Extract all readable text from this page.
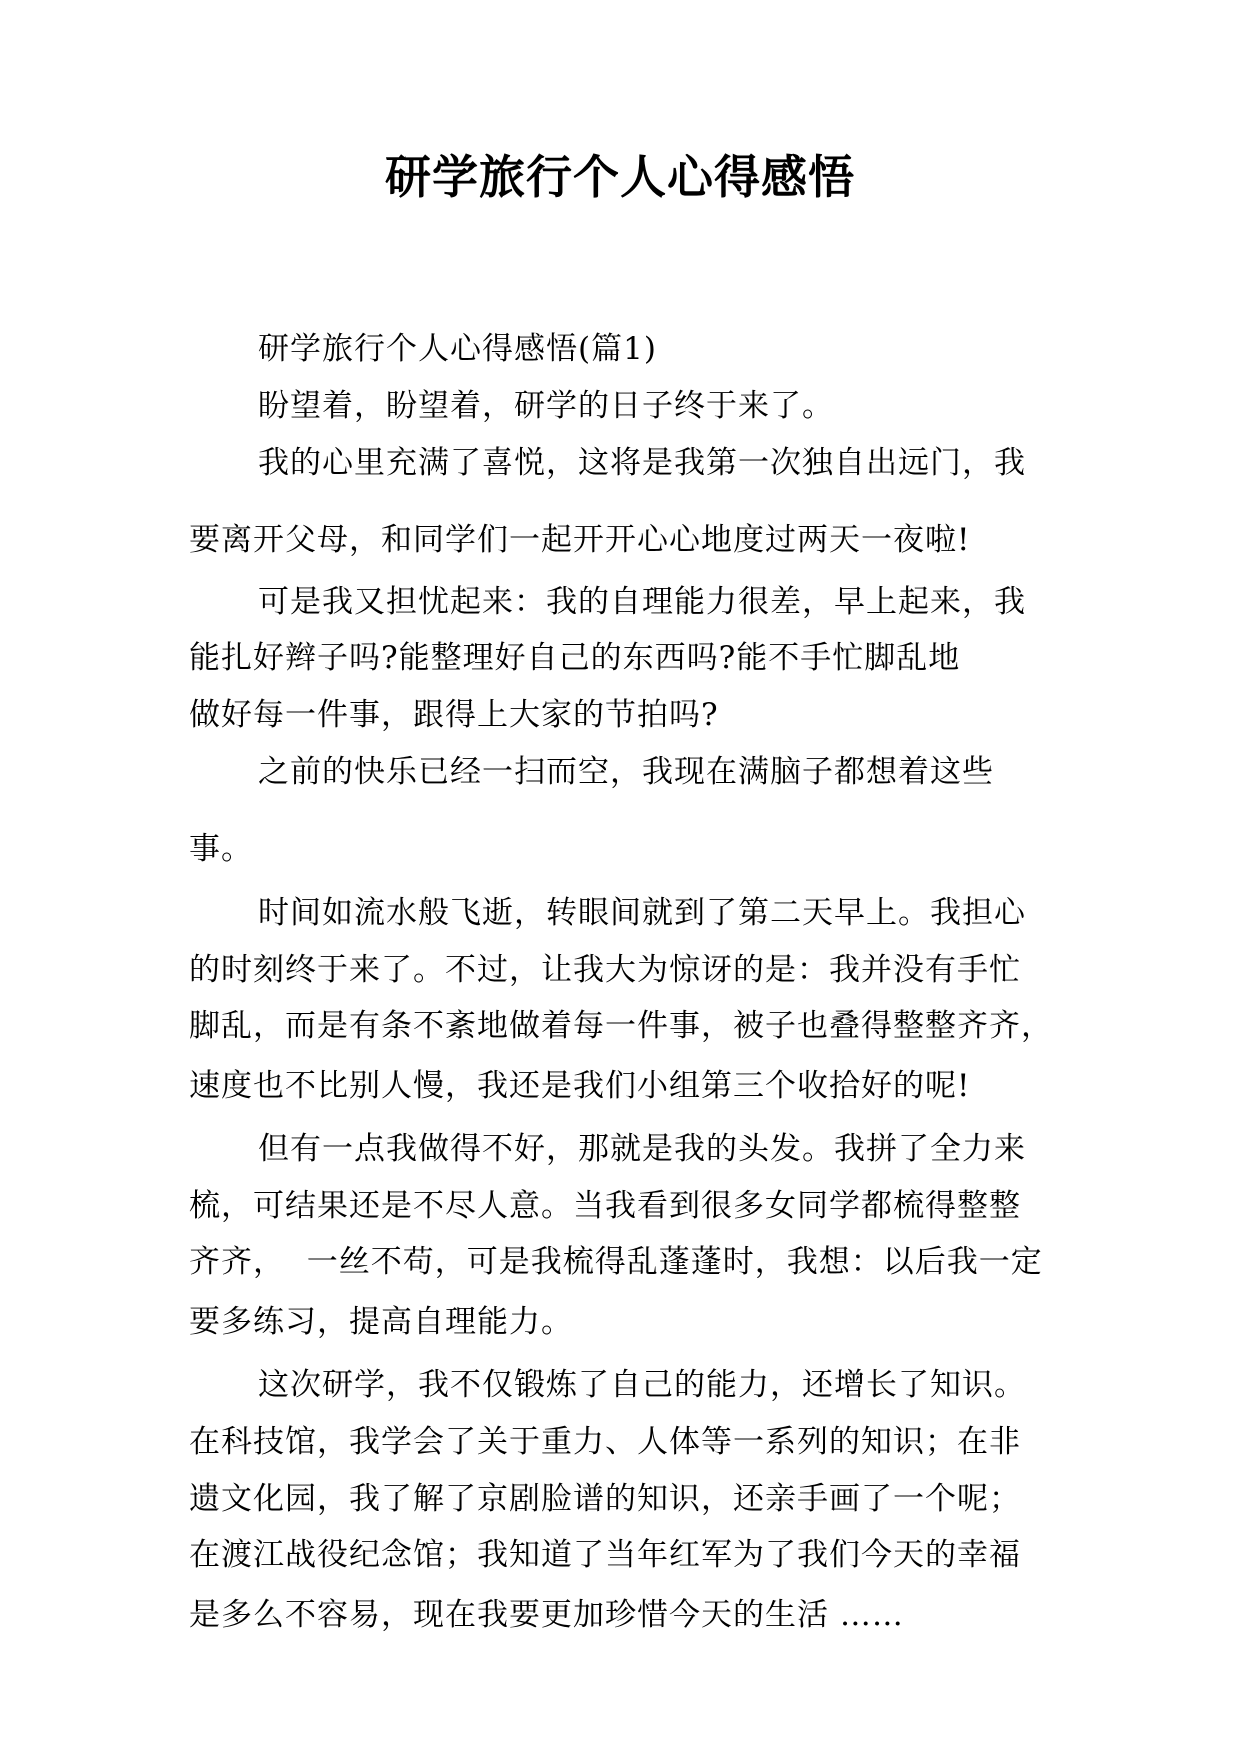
研学旅行个人心得感悟
研学旅行个人心得感悟(篇1)
盼望着，盼望着，研学的日子终于来了。
我的心里充满了喜悦，这将是我第一次独自出远门，我
要离开父母，和同学们一起开开心心地度过两天一夜啦!
可是我又担忧起来：我的自理能力很差，早上起来，我
能扎好辫子吗?能整理好自己的东西吗?能不手忙脚乱地
做好每一件事，跟得上大家的节拍吗?
之前的快乐已经一扫而空，我现在满脑子都想着这些
事。
时间如流水般飞逝，转眼间就到了第二天早上。我担心
的时刻终于来了。不过，让我大为惊讶的是：我并没有手忙
脚乱，而是有条不紊地做着每一件事，被子也叠得整整齐齐，
速度也不比别人慢，我还是我们小组第三个收拾好的呢!
但有一点我做得不好，那就是我的头发。我拼了全力来
梳，可结果还是不尽人意。当我看到很多女同学都梳得整整
齐齐，  一丝不苟，可是我梳得乱蓬蓬时，我想：以后我一定
要多练习，提高自理能力。
这次研学，我不仅锻炼了自己的能力，还增长了知识。
在科技馆，我学会了关于重力、人体等一系列的知识；在非
遗文化园，我了解了京剧脸谱的知识，还亲手画了一个呢；
在渡江战役纪念馆；我知道了当年红军为了我们今天的幸福
是多么不容易，现在我要更加珍惜今天的生活 ……
